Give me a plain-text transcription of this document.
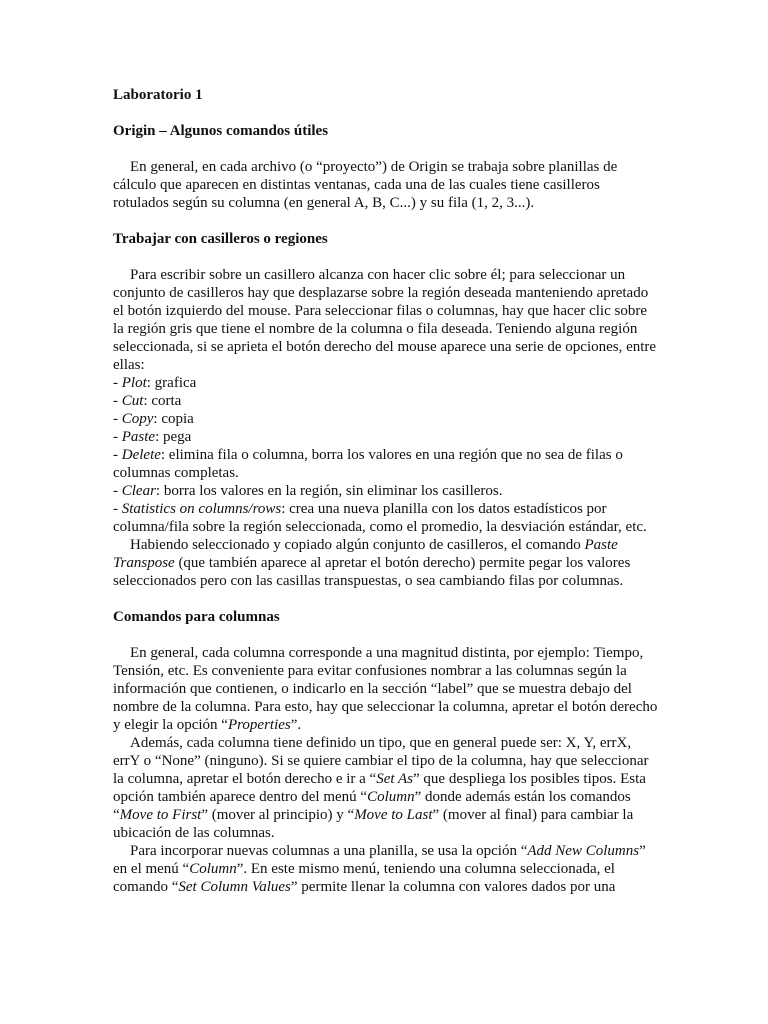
Laboratorio 1

Origin – Algunos comandos útiles

En general, en cada archivo (o “proyecto”) de Origin se trabaja sobre planillas de cálculo que aparecen en distintas ventanas, cada una de las cuales tiene casilleros rotulados según su columna (en general A, B, C...) y su fila (1, 2, 3...).

Trabajar con casilleros o regiones

Para escribir sobre un casillero alcanza con hacer clic sobre él; para seleccionar un conjunto de casilleros hay que desplazarse sobre la región deseada manteniendo apretado el botón izquierdo del mouse. Para seleccionar filas o columnas, hay que hacer clic sobre la región gris que tiene el nombre de la columna o fila deseada. Teniendo alguna región seleccionada, si se aprieta el botón derecho del mouse aparece una serie de opciones, entre ellas:

- Plot: grafica

- Cut: corta

- Copy: copia

- Paste: pega

- Delete: elimina fila o columna, borra los valores en una región que no sea de filas o columnas completas.

- Clear: borra los valores en la región, sin eliminar los casilleros.

- Statistics on columns/rows: crea una nueva planilla con los datos estadísticos por columna/fila sobre la región seleccionada, como el promedio, la desviación estándar, etc.

Habiendo seleccionado y copiado algún conjunto de casilleros, el comando Paste Transpose (que también aparece al apretar el botón derecho) permite pegar los valores seleccionados pero con las casillas transpuestas, o sea cambiando filas por columnas.

Comandos para columnas

En general, cada columna corresponde a una magnitud distinta, por ejemplo: Tiempo, Tensión, etc. Es conveniente para evitar confusiones nombrar a las columnas según la información que contienen, o indicarlo en la sección “label” que se muestra debajo del nombre de la columna. Para esto, hay que seleccionar la columna, apretar el botón derecho y elegir la opción “Properties”.

Además, cada columna tiene definido un tipo, que en general puede ser: X, Y, errX, errY o “None” (ninguno). Si se quiere cambiar el tipo de la columna, hay que seleccionar la columna, apretar el botón derecho e ir a “Set As” que despliega los posibles tipos. Esta opción también aparece dentro del menú “Column” donde además están los comandos “Move to First” (mover al principio) y “Move to Last” (mover al final) para cambiar la ubicación de las columnas.

Para incorporar nuevas columnas a una planilla, se usa la opción “Add New Columns” en el menú “Column”. En este mismo menú, teniendo una columna seleccionada, el comando “Set Column Values” permite llenar la columna con valores dados por una
